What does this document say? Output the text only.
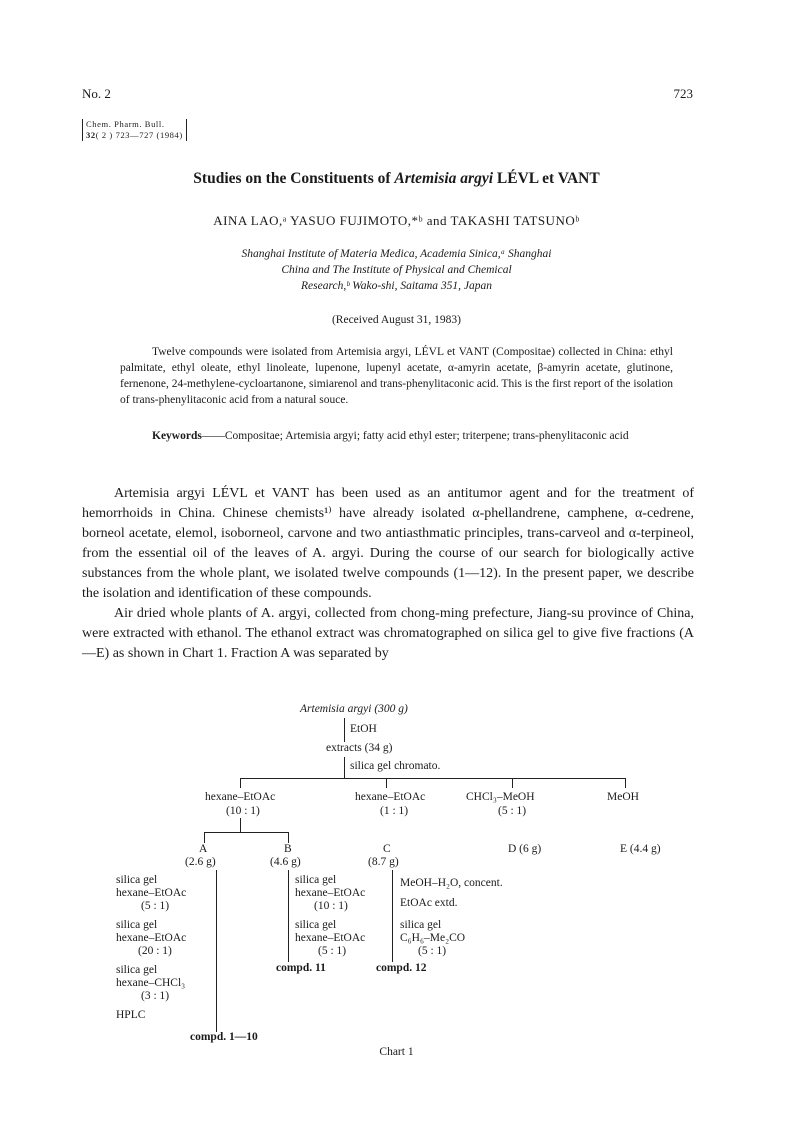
No. 2	723
Chem. Pharm. Bull.
32( 2 ) 723—727 (1984)
Studies on the Constituents of Artemisia argyi LÉVL et VANT
AINA LAO,ᵃ YASUO FUJIMOTO,*ᵇ and TAKASHI TATSUNOᵇ
Shanghai Institute of Materia Medica, Academia Sinica,ᵃ Shanghai
China and The Institute of Physical and Chemical
Research,ᵇ Wako-shi, Saitama 351, Japan
(Received August 31, 1983)

Twelve compounds were isolated from Artemisia argyi, LÉVL et VANT (Compositae) collected in China: ethyl palmitate, ethyl oleate, ethyl linoleate, lupenone, lupenyl acetate, α-amyrin acetate, β-amyrin acetate, glutinone, fernenone, 24-methylene-cycloartanone, simiarenol and trans-phenylitaconic acid. This is the first report of the isolation of trans-phenylitaconic acid from a natural souce.

Keywords——Compositae; Artemisia argyi; fatty acid ethyl ester; triterpene; trans-phenylitaconic acid

Artemisia argyi LÉVL et VANT has been used as an antitumor agent and for the treatment of hemorrhoids in China. Chinese chemists¹⁾ have already isolated α-phellandrene, camphene, α-cedrene, borneol acetate, elemol, isoborneol, carvone and two antiasthmatic principles, trans-carveol and α-terpineol, from the essential oil of the leaves of A. argyi. During the course of our search for biologically active substances from the whole plant, we isolated twelve compounds (1—12). In the present paper, we describe the isolation and identification of these compounds.

Air dried whole plants of A. argyi, collected from chong-ming prefecture, Jiang-su province of China, were extracted with ethanol. The ethanol extract was chromatographed on silica gel to give five fractions (A—E) as shown in Chart 1. Fraction A was separated by

Artemisia argyi (300 g)
EtOH
extracts (34 g)
silica gel chromato.
hexane–EtOAc
(10 : 1)
hexane–EtOAc
(1 : 1)
CHCl₃–MeOH
(5 : 1)
MeOH
A
(2.6 g)
B
(4.6 g)
C
(8.7 g)
D (6 g)	E (4.4 g)
silica gel
hexane–EtOAc
(5 : 1)
silica gel
hexane–EtOAc
(20 : 1)
silica gel
hexane–CHCl₃
(3 : 1)
HPLC
compd. 1—10
silica gel
hexane–EtOAc
(10 : 1)
silica gel
hexane–EtOAc
(5 : 1)
compd. 11
MeOH–H₂O, concent.
EtOAc extd.
silica gel
C₆H₆–Me₂CO
(5 : 1)
compd. 12
Chart 1
